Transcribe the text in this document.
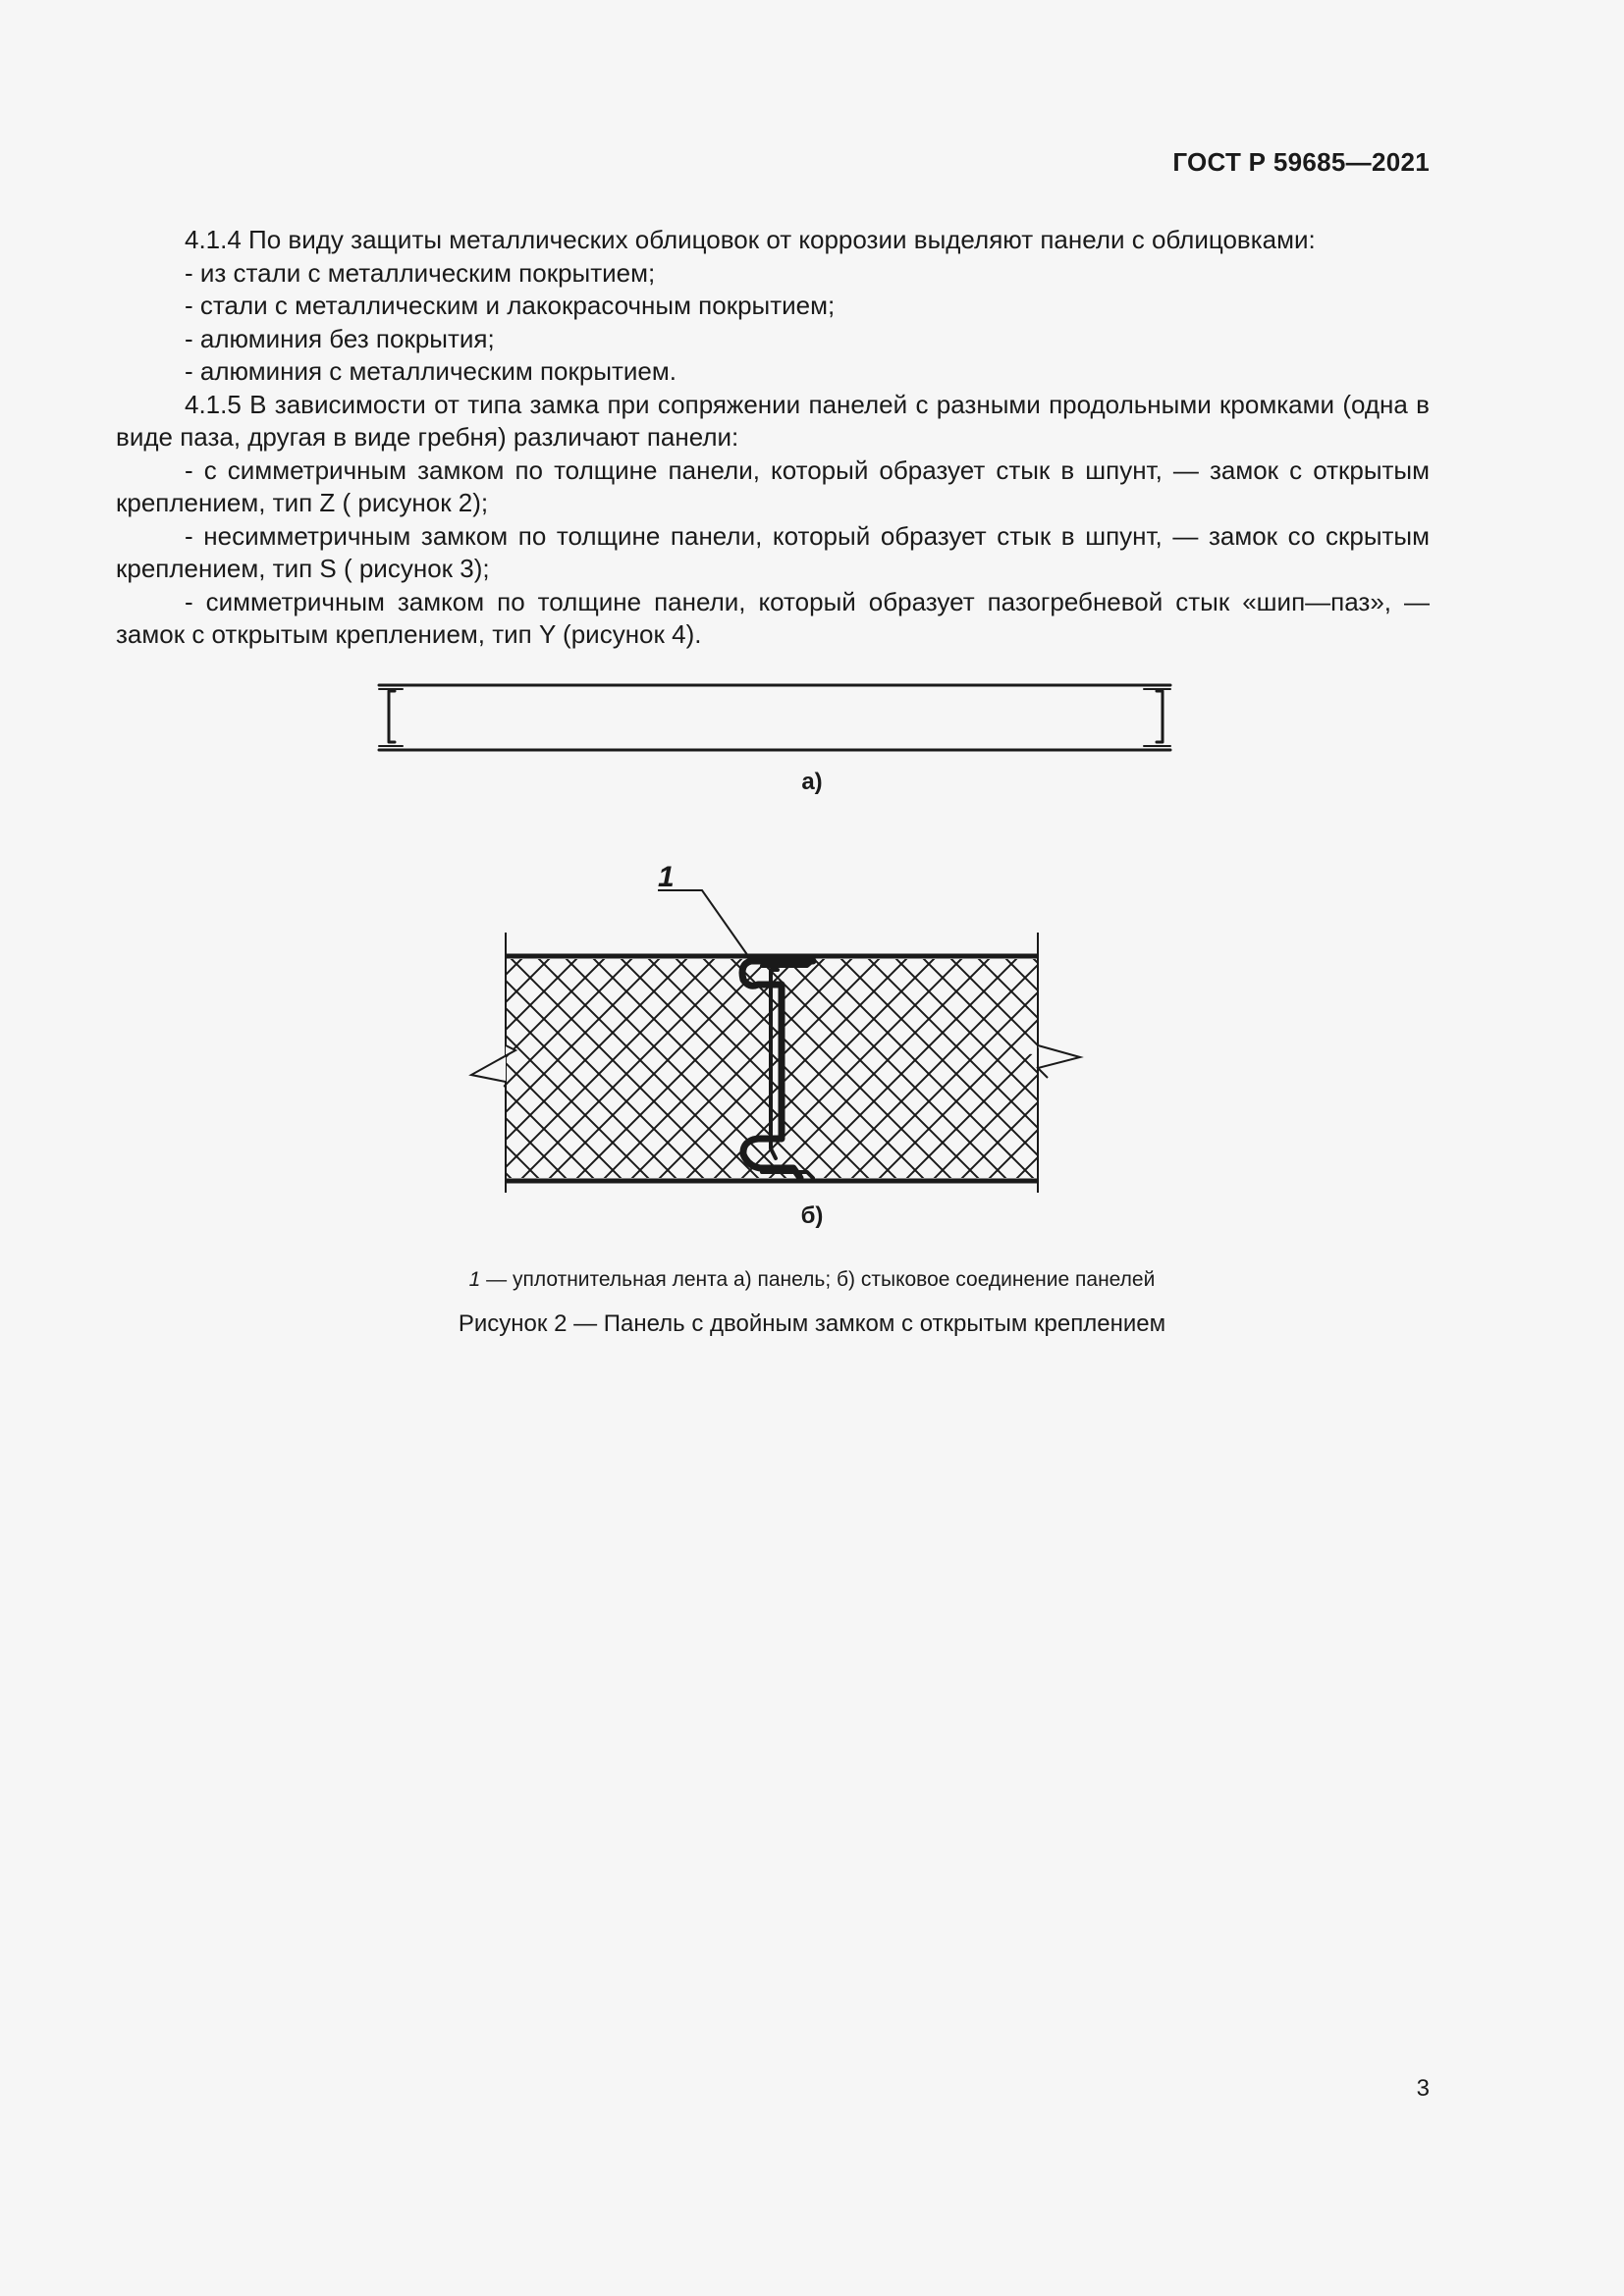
ГОСТ Р 59685—2021

4.1.4 По виду защиты металлических облицовок от коррозии выделяют панели с облицовками:

- из стали с металлическим покрытием;

- стали с металлическим и лакокрасочным покрытием;

- алюминия без покрытия;

- алюминия с металлическим покрытием.

4.1.5 В зависимости от типа замка при сопряжении панелей с разными продольными кромками (одна в виде паза, другая в виде гребня) различают панели:

- с симметричным замком по толщине панели, который образует стык в шпунт, — замок с открытым креплением, тип Z ( рисунок 2);

- несимметричным замком по толщине панели, который образует стык в шпунт, — замок со скрытым креплением, тип S ( рисунок 3);

- симметричным замком по толщине панели, который образует пазогребневой стык «шип—паз», — замок с открытым креплением, тип Y (рисунок 4).

а)
1
б)
1 — уплотнительная лента а) панель; б) стыковое соединение панелей
Рисунок 2 — Панель с двойным замком с открытым креплением
3
